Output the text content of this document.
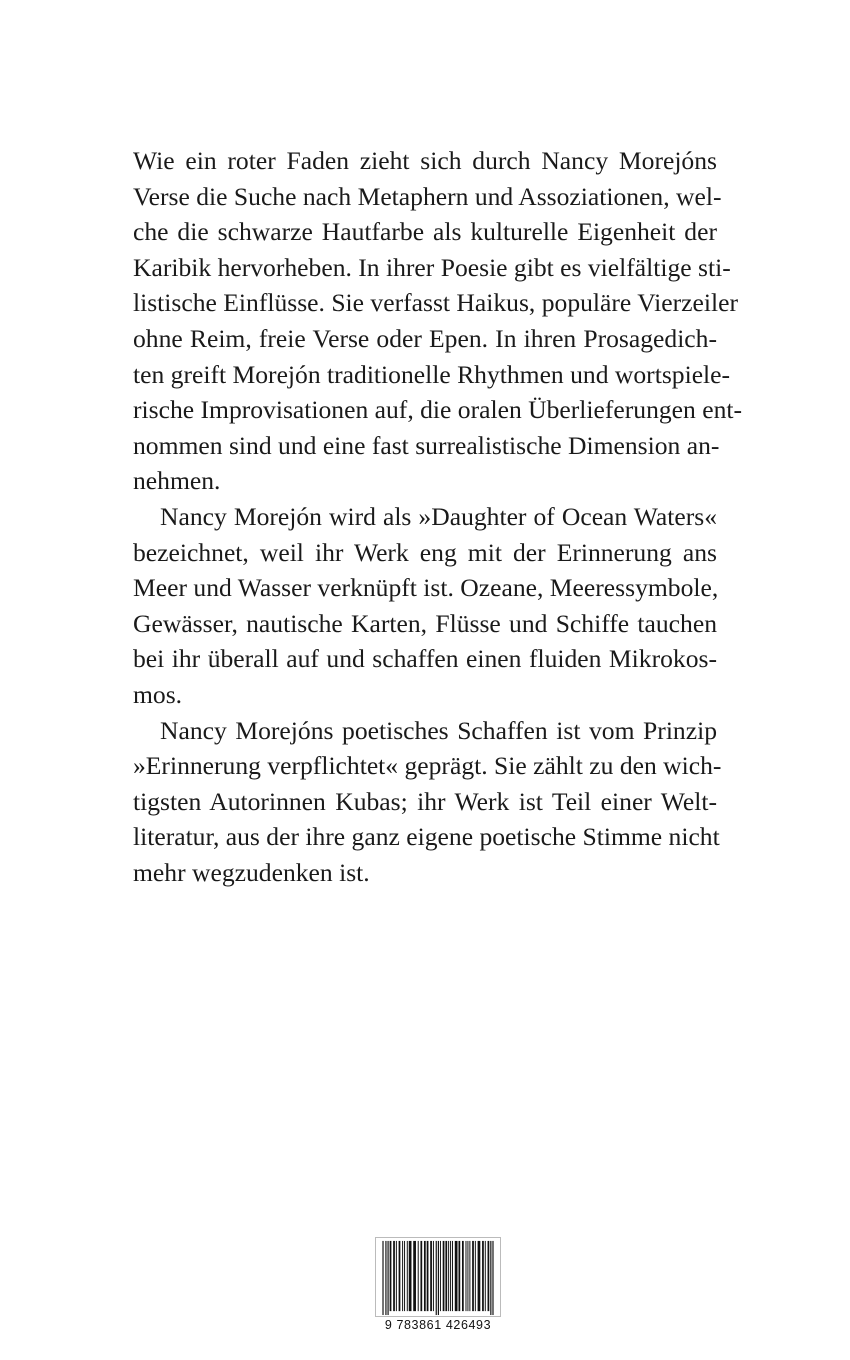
Wie ein roter Faden zieht sich durch Nancy Morejóns
Verse die Suche nach Metaphern und Assoziationen, wel-
che die schwarze Hautfarbe als kulturelle Eigenheit der
Karibik hervorheben. In ihrer Poesie gibt es vielfältige sti-
listische Einflüsse. Sie verfasst Haikus, populäre Vierzeiler
ohne Reim, freie Verse oder Epen. In ihren Prosagedich-
ten greift Morejón traditionelle Rhythmen und wortspiele-
rische Improvisationen auf, die oralen Überlieferungen ent-
nommen sind und eine fast surrealistische Dimension an-
nehmen.
Nancy Morejón wird als »Daughter of Ocean Waters«
bezeichnet, weil ihr Werk eng mit der Erinnerung ans
Meer und Wasser verknüpft ist. Ozeane, Meeressymbole,
Gewässer, nautische Karten, Flüsse und Schiffe tauchen
bei ihr überall auf und schaffen einen fluiden Mikrokos-
mos.
Nancy Morejóns poetisches Schaffen ist vom Prinzip
»Erinnerung verpflichtet« geprägt. Sie zählt zu den wich-
tigsten Autorinnen Kubas; ihr Werk ist Teil einer Welt-
literatur, aus der ihre ganz eigene poetische Stimme nicht
mehr wegzudenken ist.
9 783861 426493
